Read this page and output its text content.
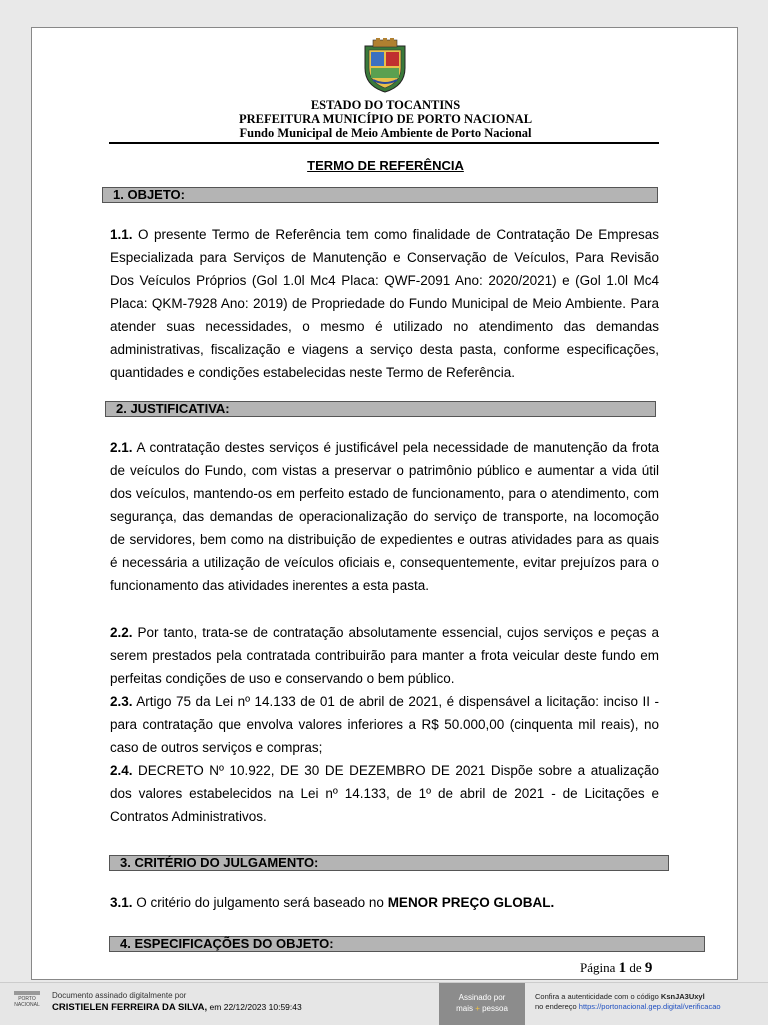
ESTADO DO TOCANTINS
PREFEITURA MUNICÍPIO DE PORTO NACIONAL
Fundo Municipal de Meio Ambiente de Porto Nacional
TERMO DE REFERÊNCIA
1. OBJETO:

1.1. O presente Termo de Referência tem como finalidade de Contratação De Empresas Especializada para Serviços de Manutenção e Conservação de Veículos, Para Revisão Dos Veículos Próprios (Gol 1.0l Mc4 Placa: QWF-2091 Ano: 2020/2021) e (Gol 1.0l Mc4 Placa: QKM-7928 Ano: 2019) de Propriedade do Fundo Municipal de Meio Ambiente. Para atender suas necessidades, o mesmo é utilizado no atendimento das demandas administrativas, fiscalização e viagens a serviço desta pasta, conforme especificações, quantidades e condições estabelecidas neste Termo de Referência.

2. JUSTIFICATIVA:

2.1. A contratação destes serviços é justificável pela necessidade de manutenção da frota de veículos do Fundo, com vistas a preservar o patrimônio público e aumentar a vida útil dos veículos, mantendo-os em perfeito estado de funcionamento, para o atendimento, com segurança, das demandas de operacionalização do serviço de transporte, na locomoção de servidores, bem como na distribuição de expedientes e outras atividades para as quais é necessária a utilização de veículos oficiais e, consequentemente, evitar prejuízos para o funcionamento das atividades inerentes a esta pasta.

2.2. Por tanto, trata-se de contratação absolutamente essencial, cujos serviços e peças a serem prestados pela contratada contribuirão para manter a frota veicular deste fundo em perfeitas condições de uso e conservando o bem público.

2.3. Artigo 75 da Lei nº 14.133 de 01 de abril de 2021, é dispensável a licitação: inciso II - para contratação que envolva valores inferiores a R$ 50.000,00 (cinquenta mil reais), no caso de outros serviços e compras;

2.4. DECRETO Nº 10.922, DE 30 DE DEZEMBRO DE 2021 Dispõe sobre a atualização dos valores estabelecidos na Lei nº 14.133, de 1º de abril de 2021 - de Licitações e Contratos Administrativos.

3. CRITÉRIO DO JULGAMENTO:

3.1. O critério do julgamento será baseado no MENOR PREÇO GLOBAL.

4. ESPECIFICAÇÕES DO OBJETO:
Página 1 de 9
PORTO NACIONAL
Documento assinado digitalmente por
CRISTIELEN FERREIRA DA SILVA, em 22/12/2023 10:59:43
Assinado por
mais + pessoa
Confira a autenticidade com o código KsnJA3Uxyl
no endereço https://portonacional.gep.digital/verificacao
